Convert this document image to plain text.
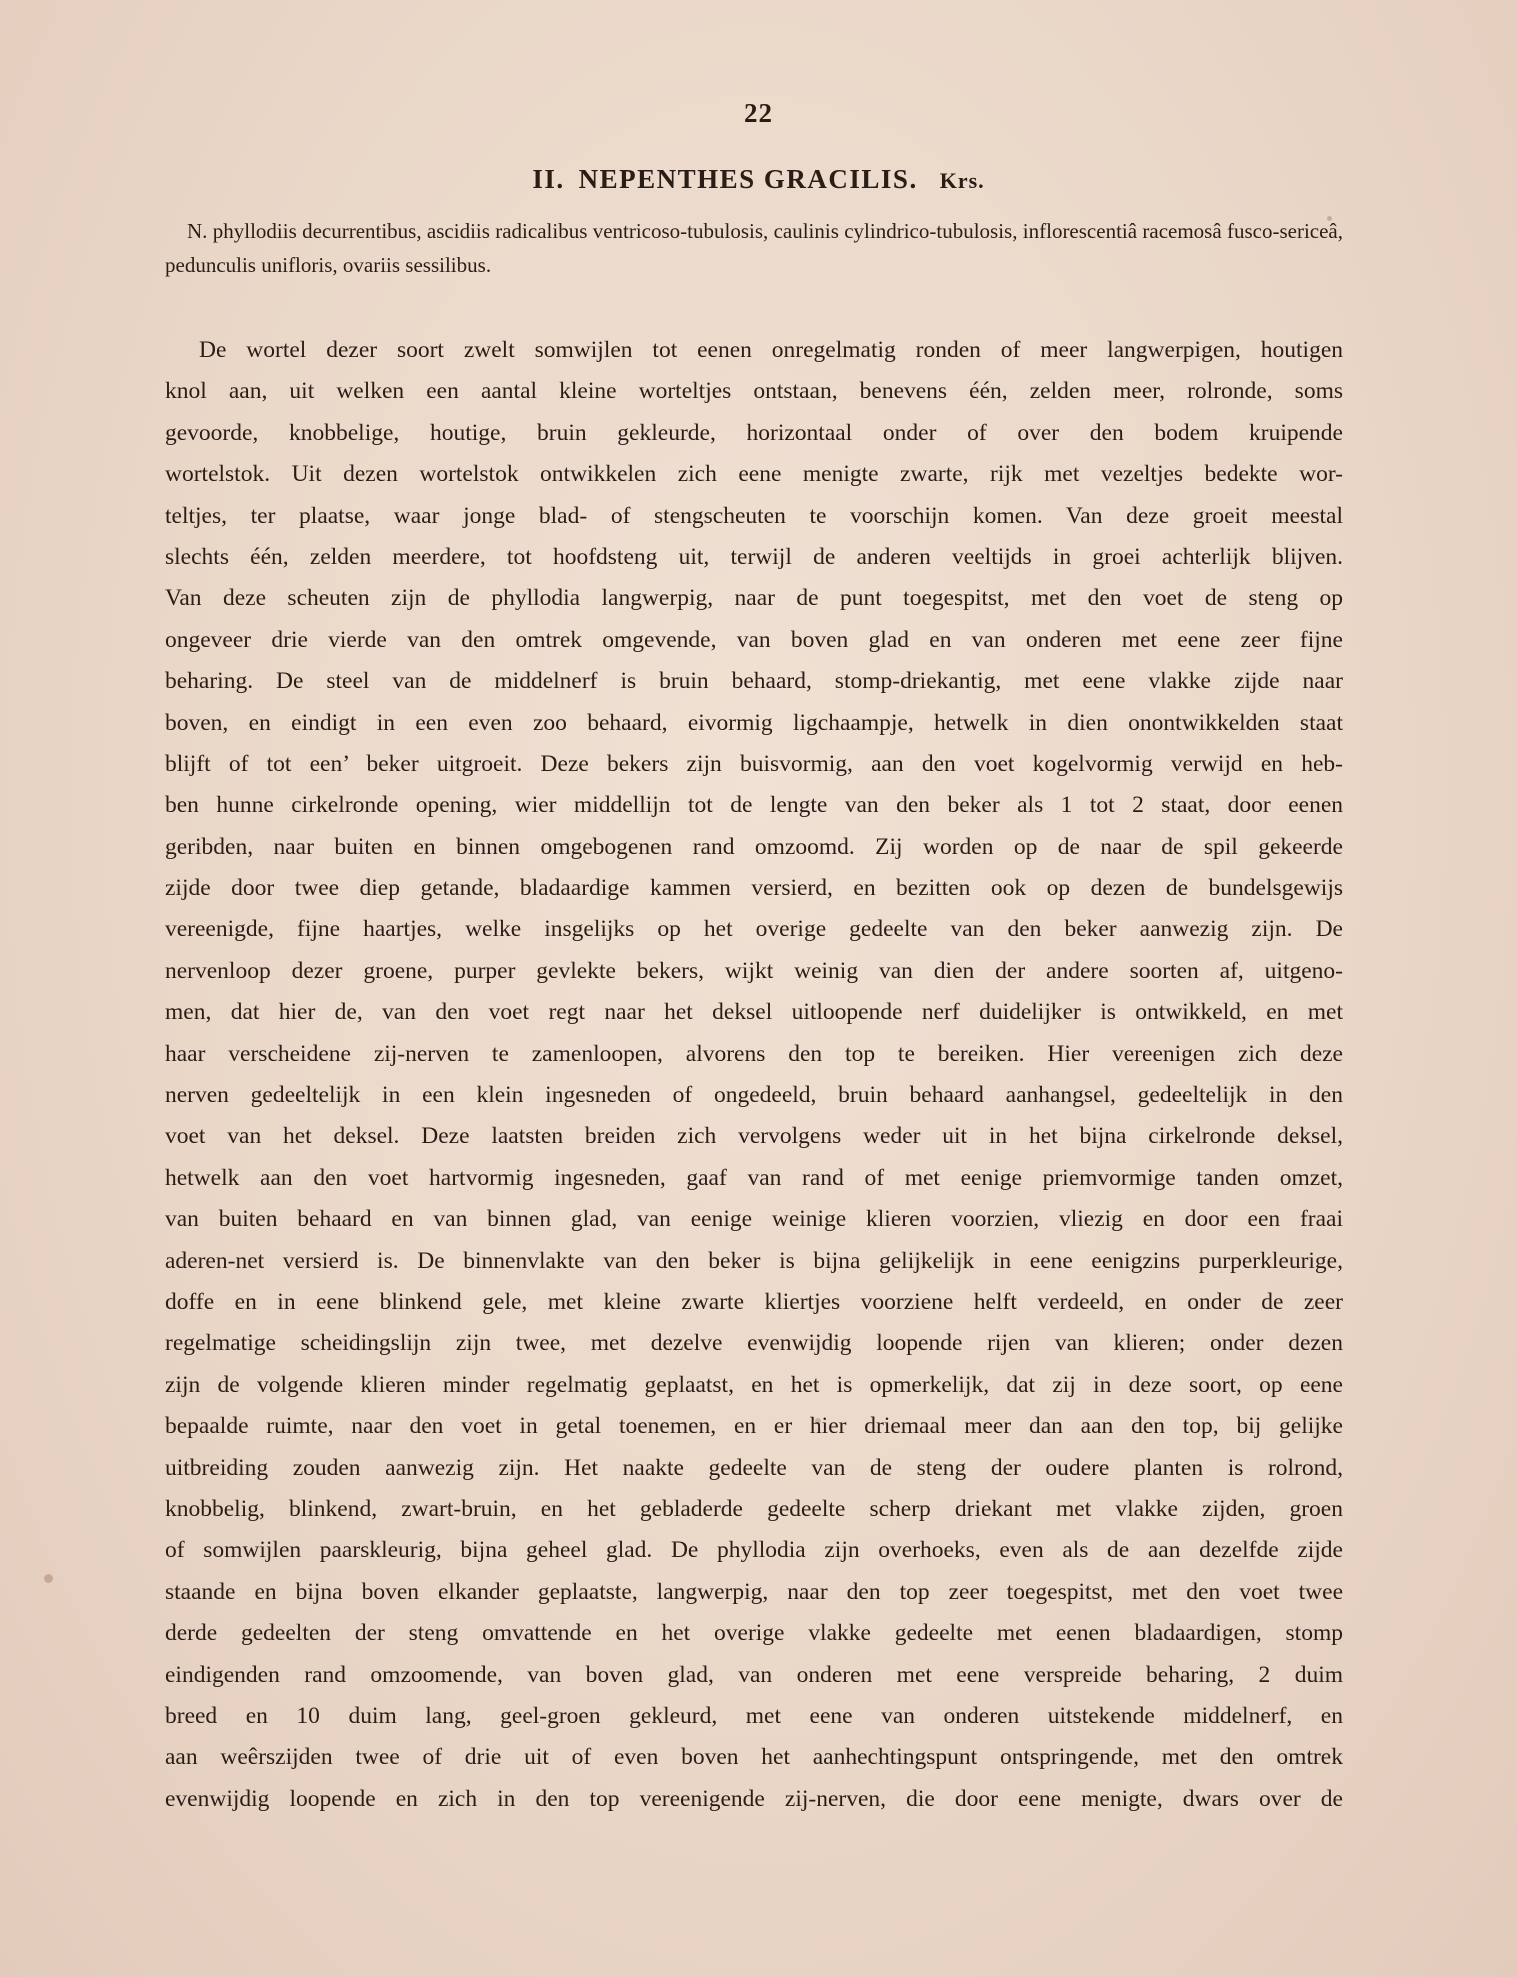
22
II. NEPENTHES GRACILIS. Krs.
N. phyllodiis decurrentibus, ascidiis radicalibus ventricoso-tubulosis, caulinis cylindrico-tubulosis, inflorescentiâ racemosâ fusco-sericeâ, pedunculis unifloris, ovariis sessilibus.
De wortel dezer soort zwelt somwijlen tot eenen onregelmatig ronden of meer langwerpigen, houtigen
knol aan, uit welken een aantal kleine worteltjes ontstaan, benevens één, zelden meer, rolronde, soms
gevoorde, knobbelige, houtige, bruin gekleurde, horizontaal onder of over den bodem kruipende
wortelstok. Uit dezen wortelstok ontwikkelen zich eene menigte zwarte, rijk met vezeltjes bedekte wor-
teltjes, ter plaatse, waar jonge blad- of stengscheuten te voorschijn komen. Van deze groeit meestal
slechts één, zelden meerdere, tot hoofdsteng uit, terwijl de anderen veeltijds in groei achterlijk blijven.
Van deze scheuten zijn de phyllodia langwerpig, naar de punt toegespitst, met den voet de steng op
ongeveer drie vierde van den omtrek omgevende, van boven glad en van onderen met eene zeer fijne
beharing. De steel van de middelnerf is bruin behaard, stomp-driekantig, met eene vlakke zijde naar
boven, en eindigt in een even zoo behaard, eivormig ligchaampje, hetwelk in dien onontwikkelden staat
blijft of tot een’ beker uitgroeit. Deze bekers zijn buisvormig, aan den voet kogelvormig verwijd en heb-
ben hunne cirkelronde opening, wier middellijn tot de lengte van den beker als 1 tot 2 staat, door eenen
geribden, naar buiten en binnen omgebogenen rand omzoomd. Zij worden op de naar de spil gekeerde
zijde door twee diep getande, bladaardige kammen versierd, en bezitten ook op dezen de bundelsgewijs
vereenigde, fijne haartjes, welke insgelijks op het overige gedeelte van den beker aanwezig zijn. De
nervenloop dezer groene, purper gevlekte bekers, wijkt weinig van dien der andere soorten af, uitgeno-
men, dat hier de, van den voet regt naar het deksel uitloopende nerf duidelijker is ontwikkeld, en met
haar verscheidene zij-nerven te zamenloopen, alvorens den top te bereiken. Hier vereenigen zich deze
nerven gedeeltelijk in een klein ingesneden of ongedeeld, bruin behaard aanhangsel, gedeeltelijk in den
voet van het deksel. Deze laatsten breiden zich vervolgens weder uit in het bijna cirkelronde deksel,
hetwelk aan den voet hartvormig ingesneden, gaaf van rand of met eenige priemvormige tanden omzet,
van buiten behaard en van binnen glad, van eenige weinige klieren voorzien, vliezig en door een fraai
aderen-net versierd is. De binnenvlakte van den beker is bijna gelijkelijk in eene eenigzins purperkleurige,
doffe en in eene blinkend gele, met kleine zwarte kliertjes voorziene helft verdeeld, en onder de zeer
regelmatige scheidingslijn zijn twee, met dezelve evenwijdig loopende rijen van klieren; onder dezen
zijn de volgende klieren minder regelmatig geplaatst, en het is opmerkelijk, dat zij in deze soort, op eene
bepaalde ruimte, naar den voet in getal toenemen, en er hier driemaal meer dan aan den top, bij gelijke
uitbreiding zouden aanwezig zijn. Het naakte gedeelte van de steng der oudere planten is rolrond,
knobbelig, blinkend, zwart-bruin, en het gebladerde gedeelte scherp driekant met vlakke zijden, groen
of somwijlen paarskleurig, bijna geheel glad. De phyllodia zijn overhoeks, even als de aan dezelfde zijde
staande en bijna boven elkander geplaatste, langwerpig, naar den top zeer toegespitst, met den voet twee
derde gedeelten der steng omvattende en het overige vlakke gedeelte met eenen bladaardigen, stomp
eindigenden rand omzoomende, van boven glad, van onderen met eene verspreide beharing, 2 duim
breed en 10 duim lang, geel-groen gekleurd, met eene van onderen uitstekende middelnerf, en
aan weêrszijden twee of drie uit of even boven het aanhechtingspunt ontspringende, met den omtrek
evenwijdig loopende en zich in den top vereenigende zij-nerven, die door eene menigte, dwars over de
